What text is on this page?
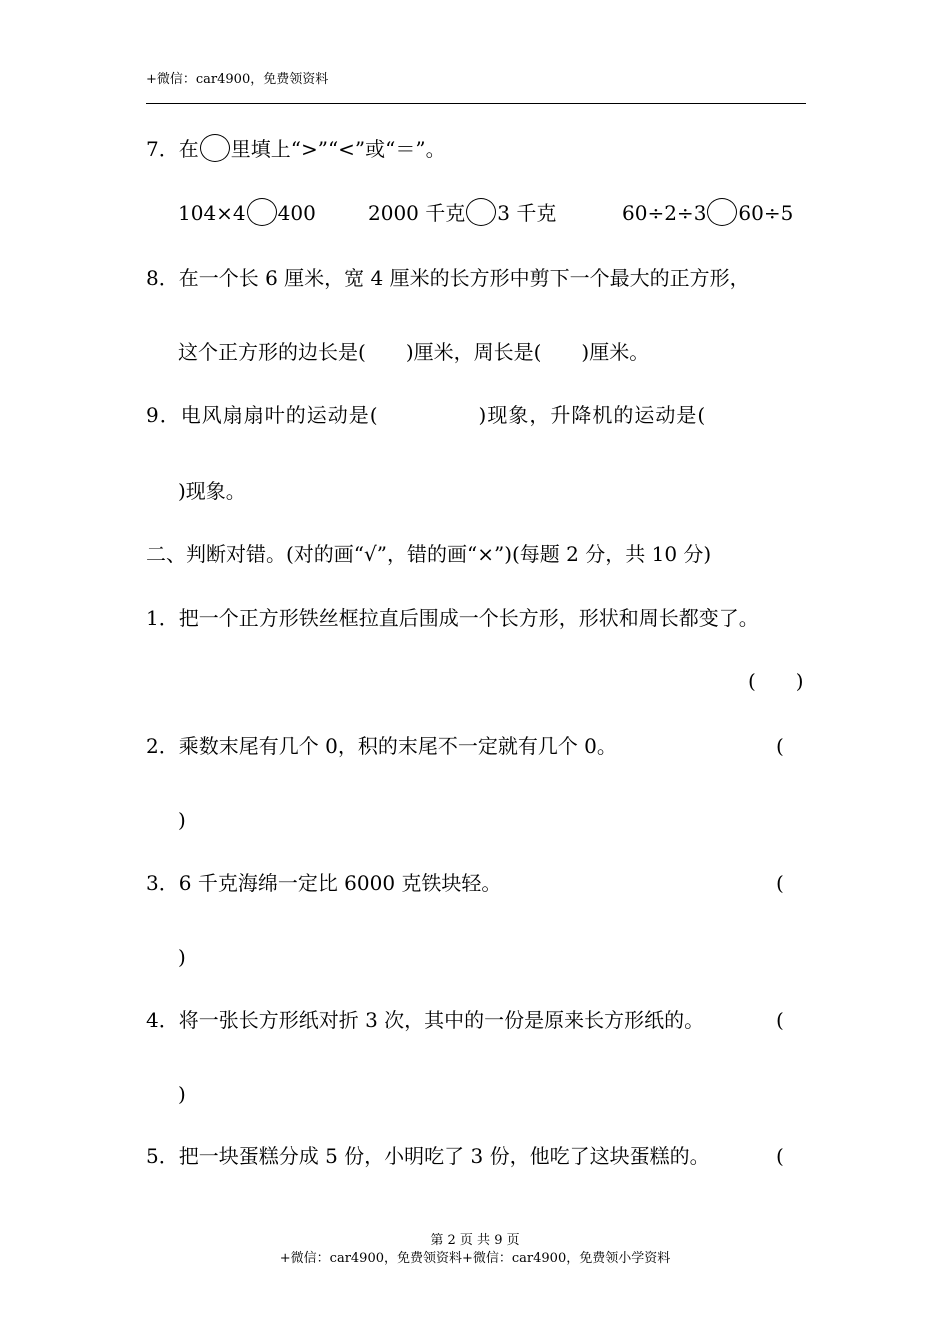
+微信：car4900，免费领资料
7．在 里填上“>”“<”或“＝”。
104×4 400	2000 千克 3 千克	60÷2÷3 60÷5
8．在一个长 6 厘米，宽 4 厘米的长方形中剪下一个最大的正方形，
这个正方形的边长是( )厘米，周长是( )厘米。
9．电风扇扇叶的运动是(	)现象，升降机的运动是(
)现象。
二、判断对错。(对的画“√”，错的画“×”)(每题 2 分，共 10 分)
1．把一个正方形铁丝框拉直后围成一个长方形，形状和周长都变了。
(　　)
2．乘数末尾有几个 0，积的末尾不一定就有几个 0。	(
)
3．6 千克海绵一定比 6000 克铁块轻。	(
)
4．将一张长方形纸对折 3 次，其中的一份是原来长方形纸的。	(
)
5．把一块蛋糕分成 5 份，小明吃了 3 份，他吃了这块蛋糕的。	(
第 2 页 共 9 页
+微信：car4900，免费领资料+微信：car4900，免费领小学资料
